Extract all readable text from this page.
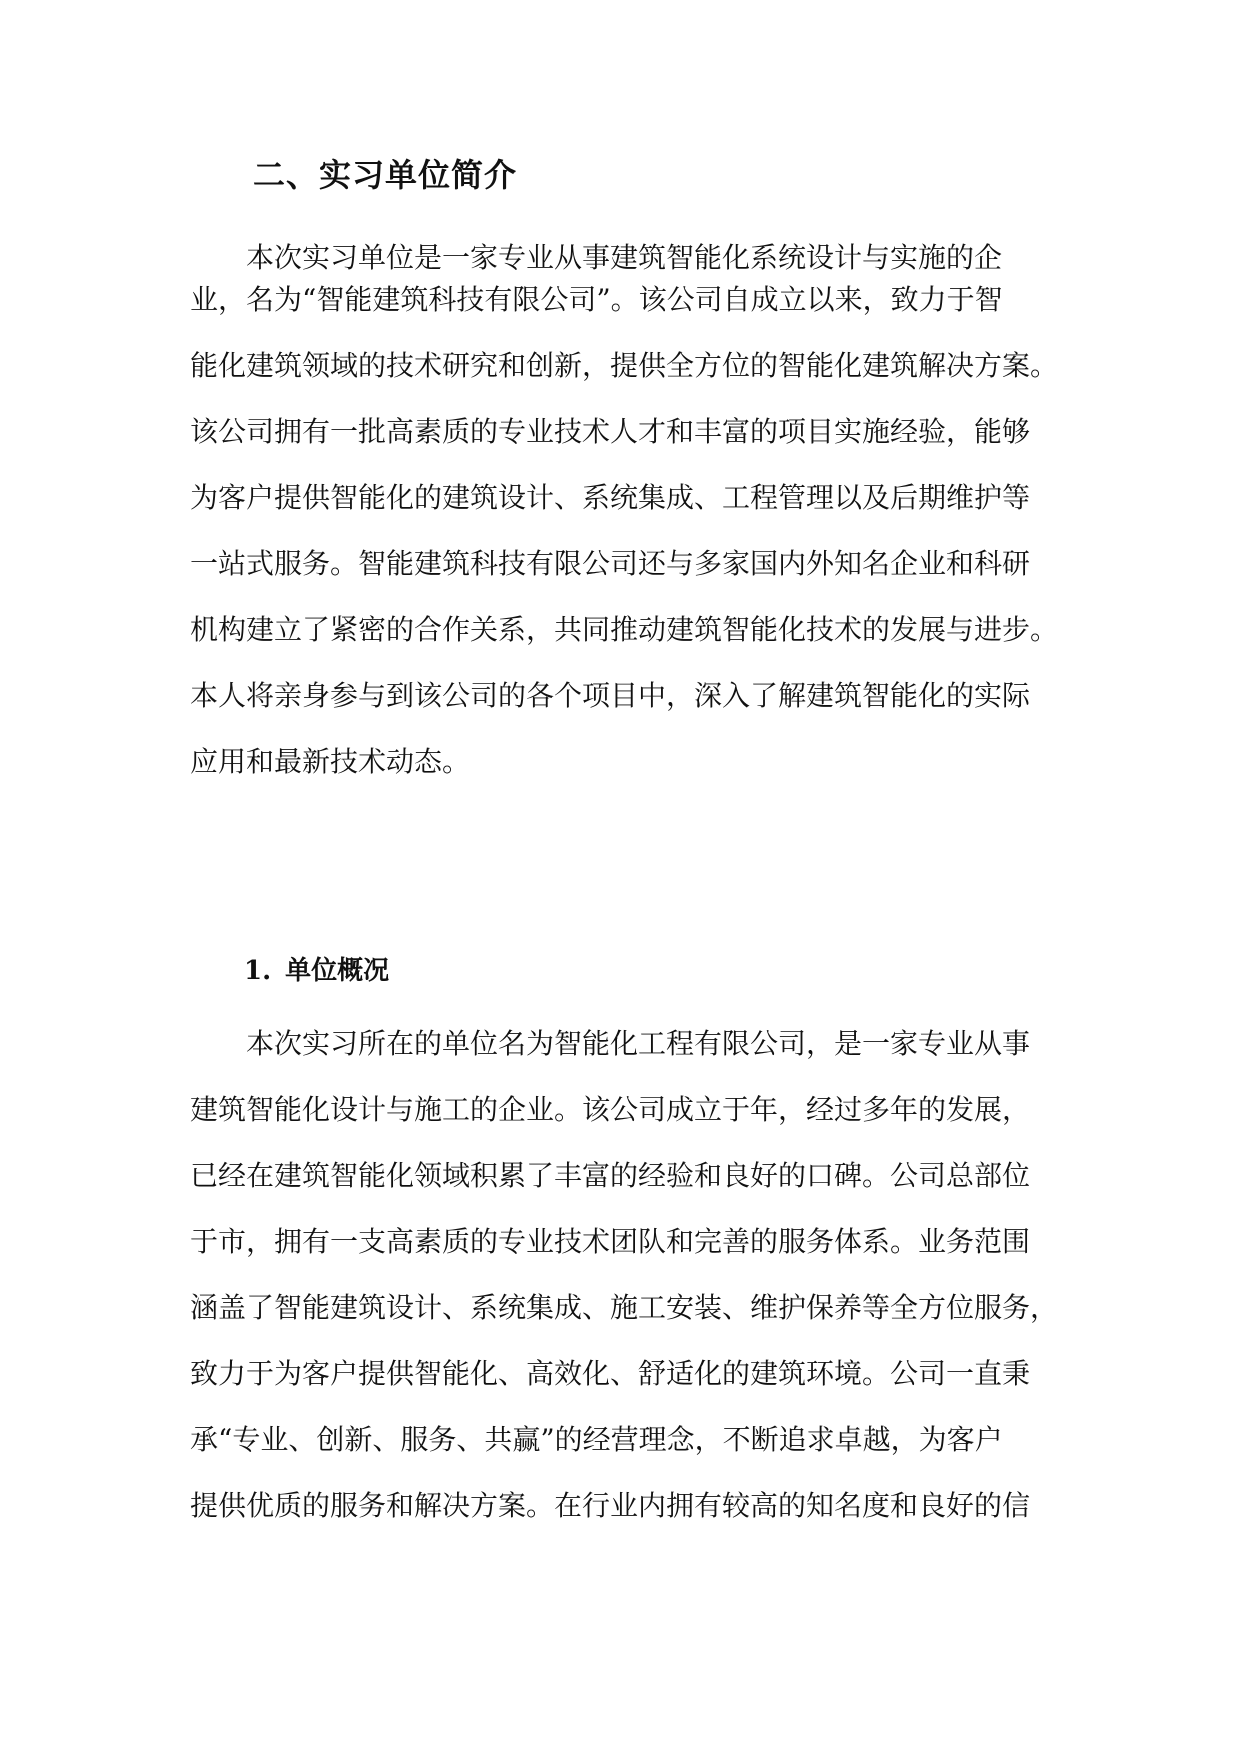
二、实习单位简介
本次实习单位是一家专业从事建筑智能化系统设计与实施的企
业，名为“智能建筑科技有限公司”。该公司自成立以来，致力于智
能化建筑领域的技术研究和创新，提供全方位的智能化建筑解决方案。
该公司拥有一批高素质的专业技术人才和丰富的项目实施经验，能够
为客户提供智能化的建筑设计、系统集成、工程管理以及后期维护等
一站式服务。智能建筑科技有限公司还与多家国内外知名企业和科研
机构建立了紧密的合作关系，共同推动建筑智能化技术的发展与进步。
本人将亲身参与到该公司的各个项目中，深入了解建筑智能化的实际
应用和最新技术动态。
1. 单位概况
本次实习所在的单位名为智能化工程有限公司，是一家专业从事
建筑智能化设计与施工的企业。该公司成立于年，经过多年的发展，
已经在建筑智能化领域积累了丰富的经验和良好的口碑。公司总部位
于市，拥有一支高素质的专业技术团队和完善的服务体系。业务范围
涵盖了智能建筑设计、系统集成、施工安装、维护保养等全方位服务，
致力于为客户提供智能化、高效化、舒适化的建筑环境。公司一直秉
承“专业、创新、服务、共赢”的经营理念，不断追求卓越，为客户
提供优质的服务和解决方案。在行业内拥有较高的知名度和良好的信
